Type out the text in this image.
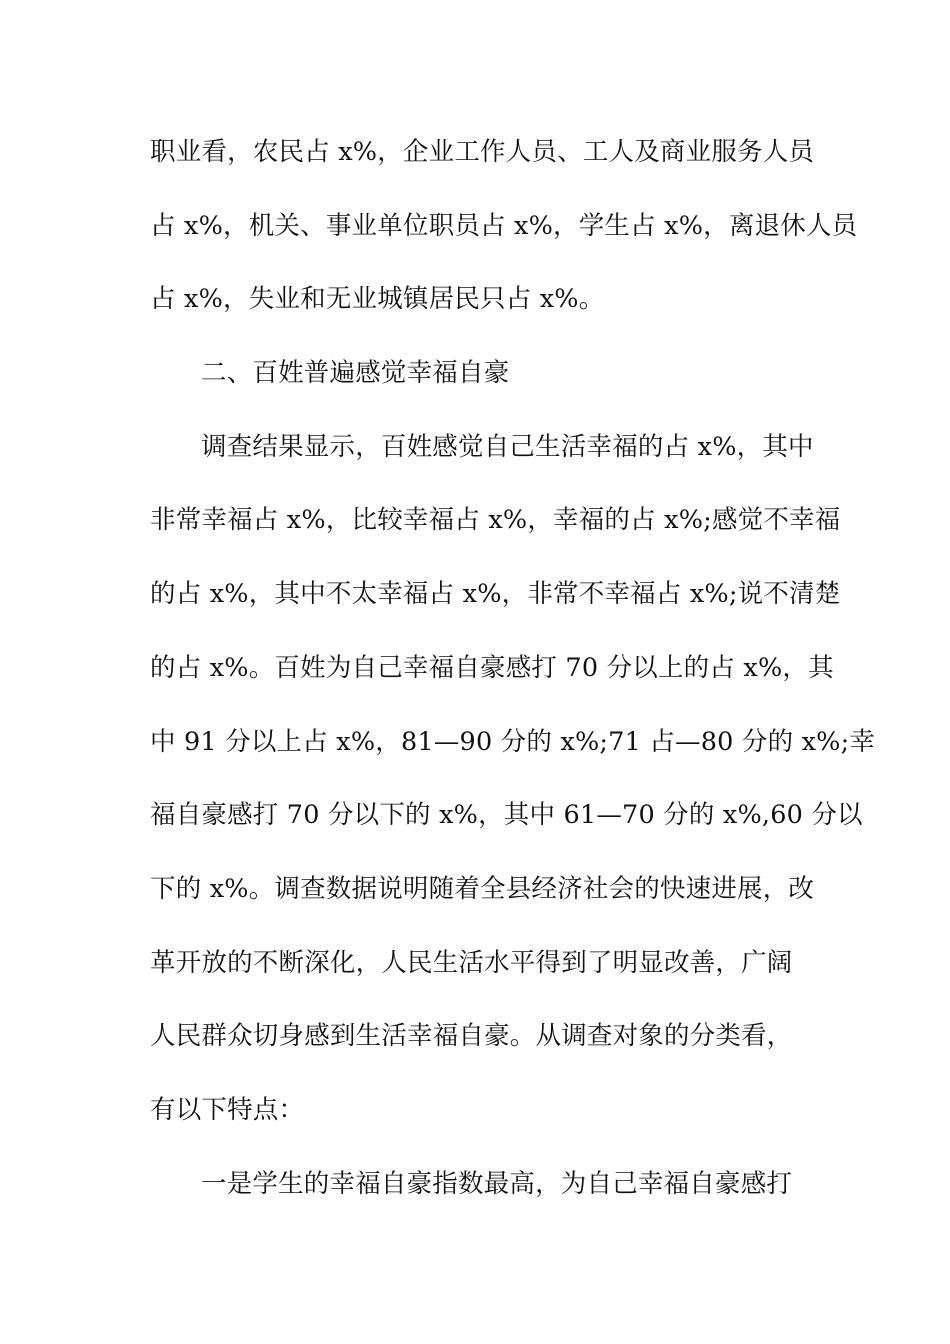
职业看，农民占 x%，企业工作人员、工人及商业服务人员
占 x%，机关、事业单位职员占 x%，学生占 x%，离退休人员
占 x%，失业和无业城镇居民只占 x%。
二、百姓普遍感觉幸福自豪
调查结果显示，百姓感觉自己生活幸福的占 x%，其中
非常幸福占 x%，比较幸福占 x%，幸福的占 x%;感觉不幸福
的占 x%，其中不太幸福占 x%，非常不幸福占 x%;说不清楚
的占 x%。百姓为自己幸福自豪感打 70 分以上的占 x%，其
中 91 分以上占 x%，81—90 分的 x%;71 占—80 分的 x%;幸
福自豪感打 70 分以下的 x%，其中 61—70 分的 x%,60 分以
下的 x%。调查数据说明随着全县经济社会的快速进展，改
革开放的不断深化，人民生活水平得到了明显改善，广阔
人民群众切身感到生活幸福自豪。从调查对象的分类看，
有以下特点：
一是学生的幸福自豪指数最高，为自己幸福自豪感打
